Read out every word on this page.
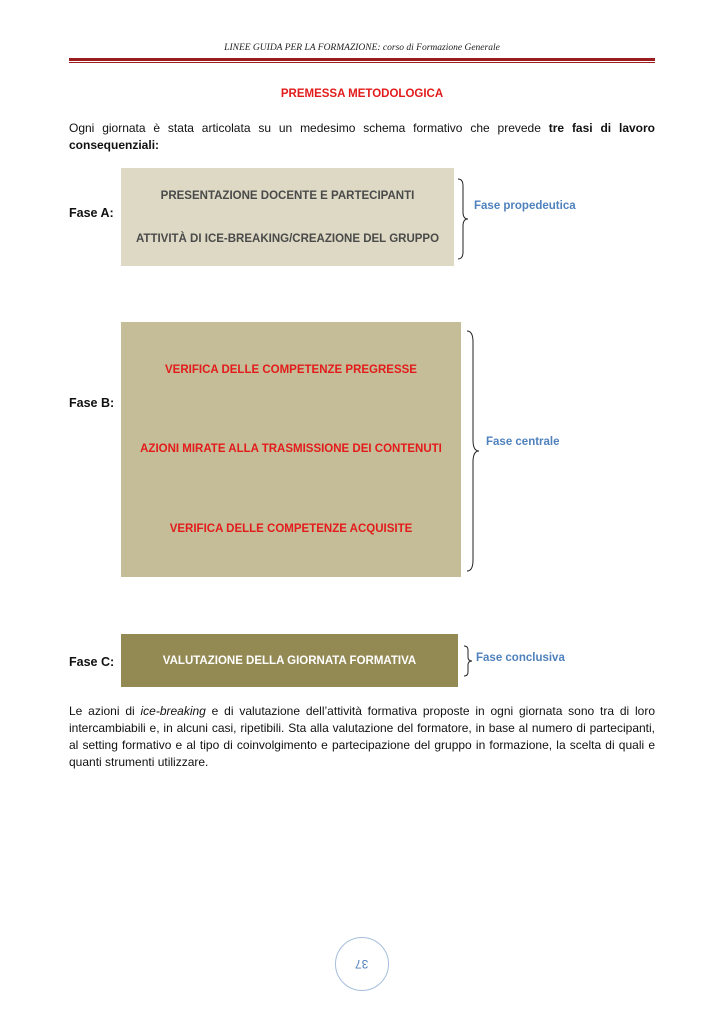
LINEE GUIDA PER LA FORMAZIONE: corso di Formazione Generale
PREMESSA METODOLOGICA
Ogni giornata è stata articolata su un medesimo schema formativo che prevede tre fasi di lavoro consequenziali:
Fase A:
PRESENTAZIONE DOCENTE E PARTECIPANTI
ATTIVITÀ DI ICE-BREAKING/CREAZIONE DEL GRUPPO
Fase propedeutica
Fase B:
VERIFICA DELLE COMPETENZE PREGRESSE
AZIONI MIRATE ALLA TRASMISSIONE DEI CONTENUTI
VERIFICA DELLE COMPETENZE ACQUISITE
Fase centrale
Fase C:	VALUTAZIONE DELLA GIORNATA FORMATIVA	Fase conclusiva
Le azioni di ice-breaking e di valutazione dell’attività formativa proposte in ogni giornata sono tra di loro intercambiabili e, in alcuni casi, ripetibili. Sta alla valutazione del formatore, in base al numero di partecipanti, al setting formativo e al tipo di coinvolgimento e partecipazione del gruppo in formazione, la scelta di quali e quanti strumenti utilizzare.
37
